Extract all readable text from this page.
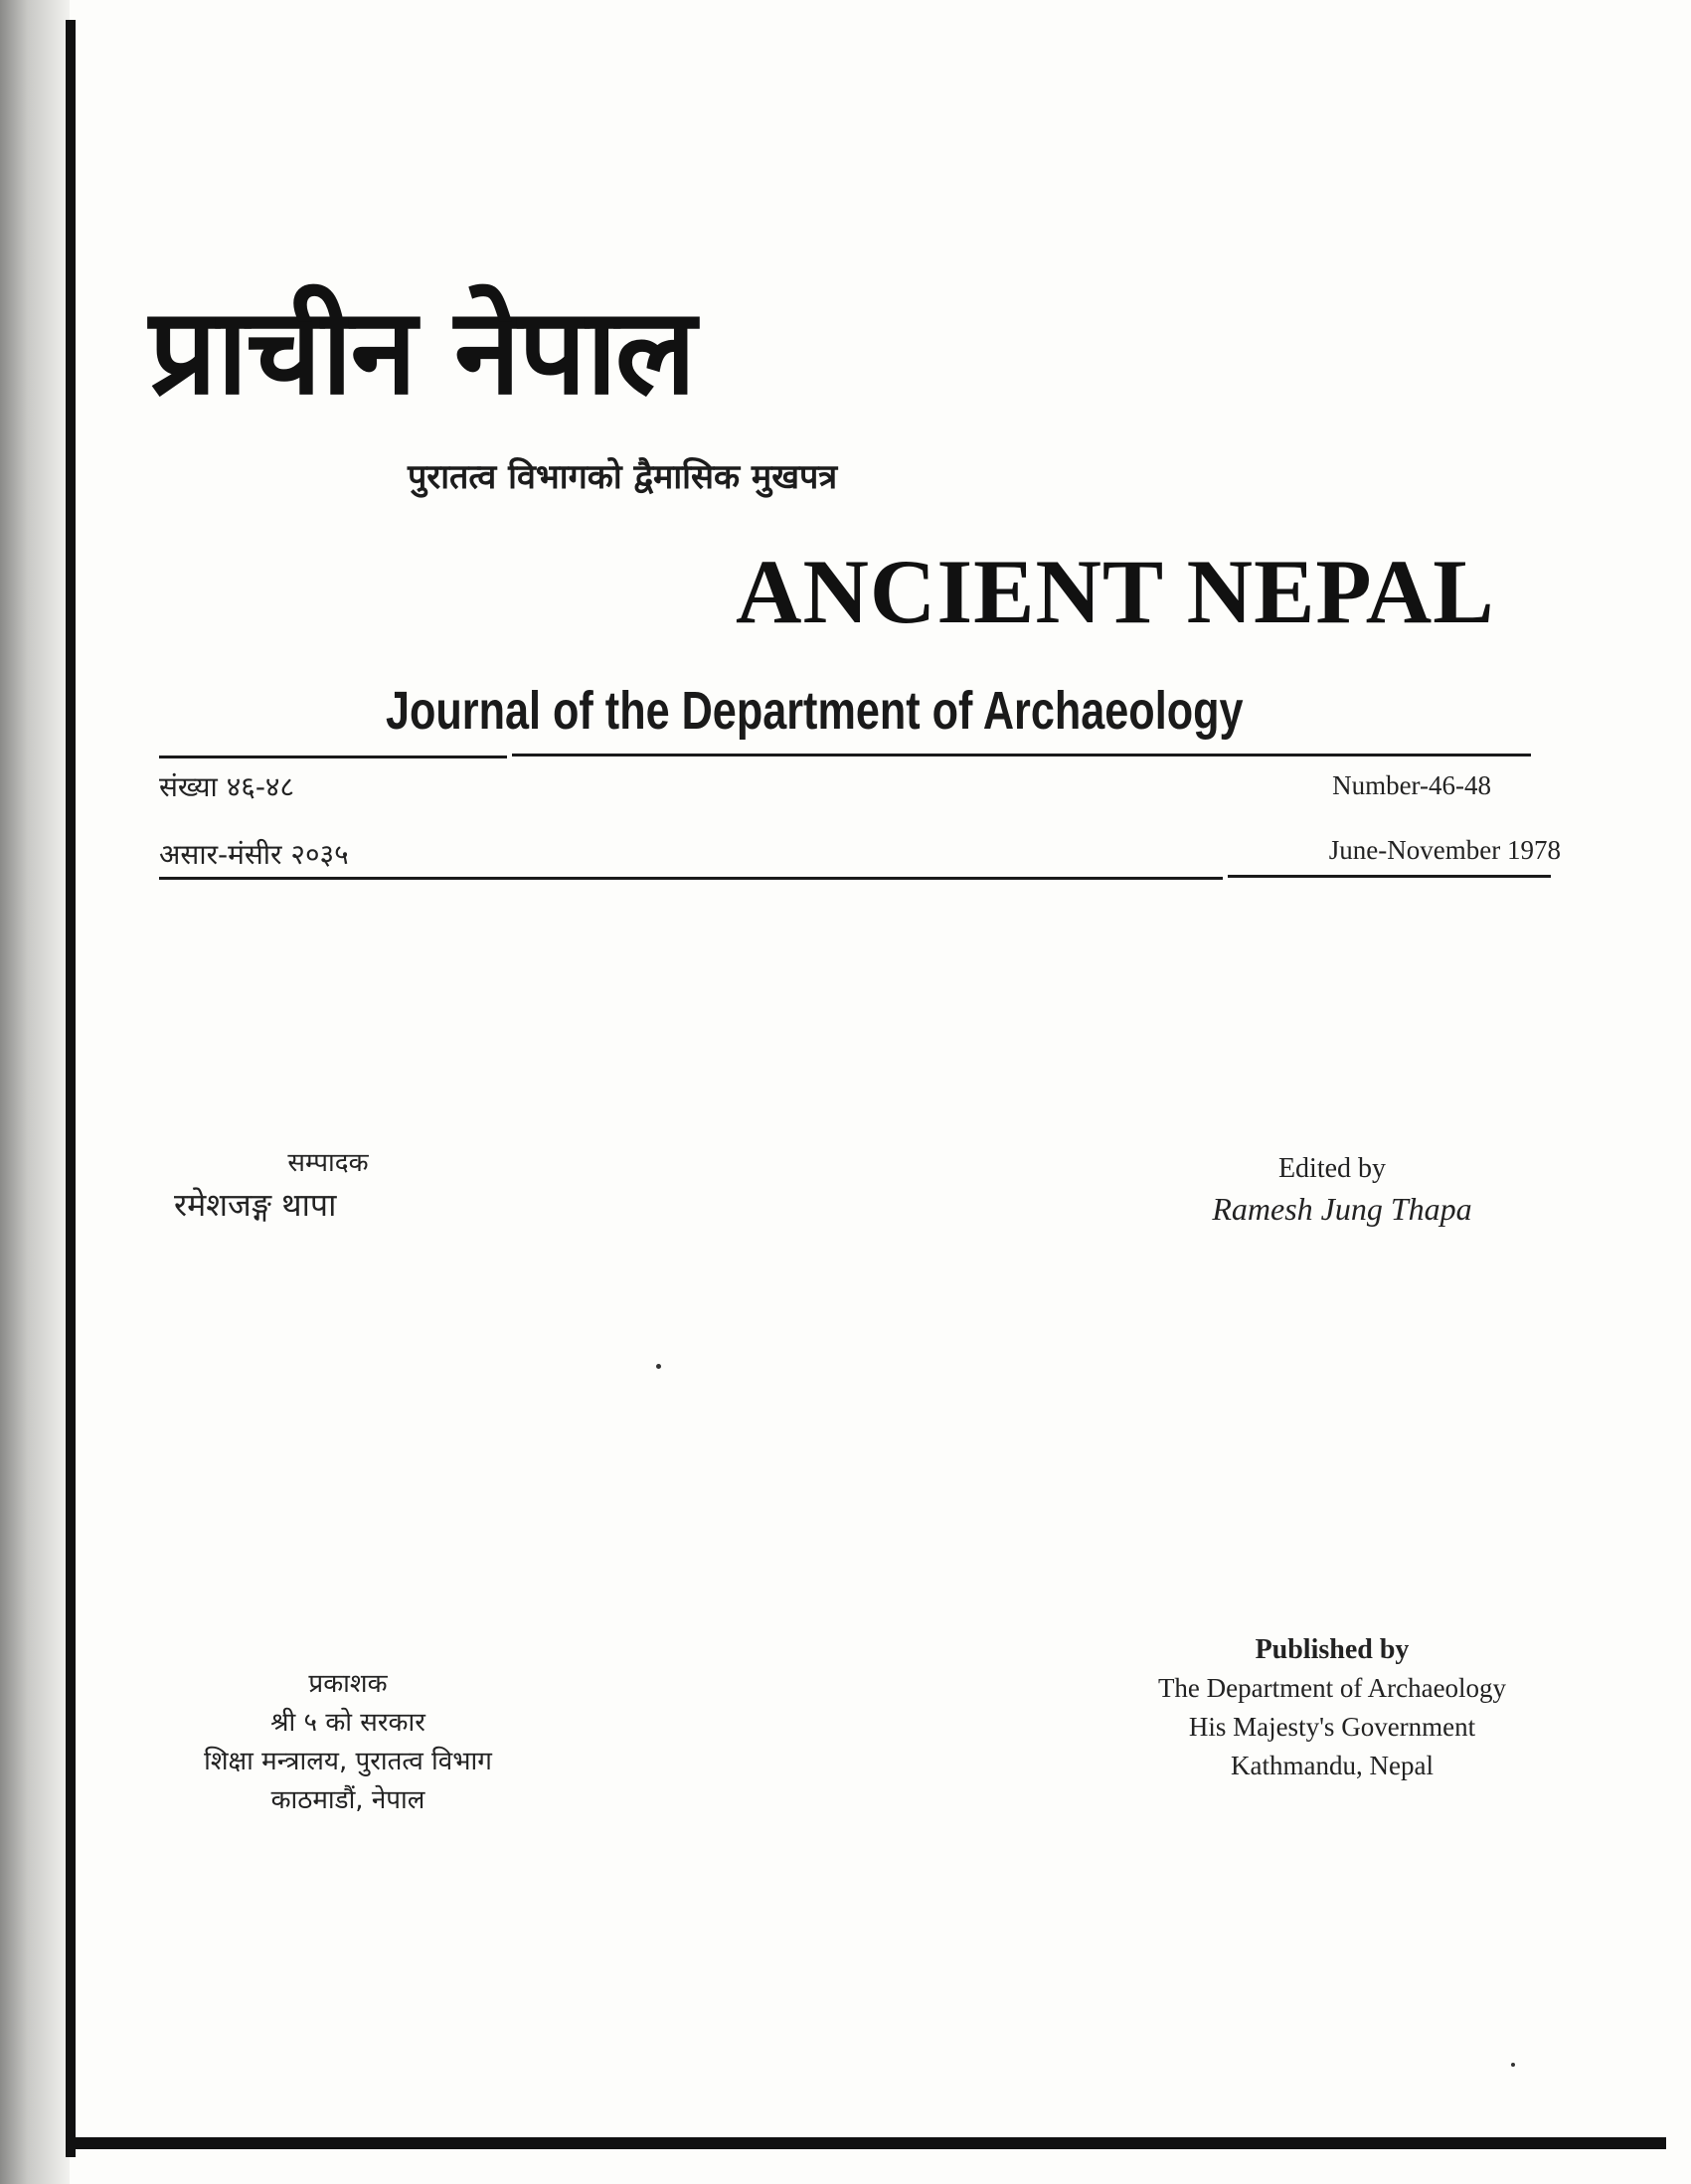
प्राचीन नेपाल
पुरातत्व विभागको द्वैमासिक मुखपत्र
ANCIENT NEPAL
Journal of the Department of Archaeology
संख्या ४६-४८	Number-46-48
असार-मंसीर २०३५	June-November 1978
सम्पादक
रमेशजङ्ग थापा
Edited by
Ramesh Jung Thapa
प्रकाशक
श्री ५ को सरकार
शिक्षा मन्त्रालय, पुरातत्व विभाग
काठमाडौं, नेपाल
Published by
The Department of Archaeology
His Majesty's Government
Kathmandu, Nepal
